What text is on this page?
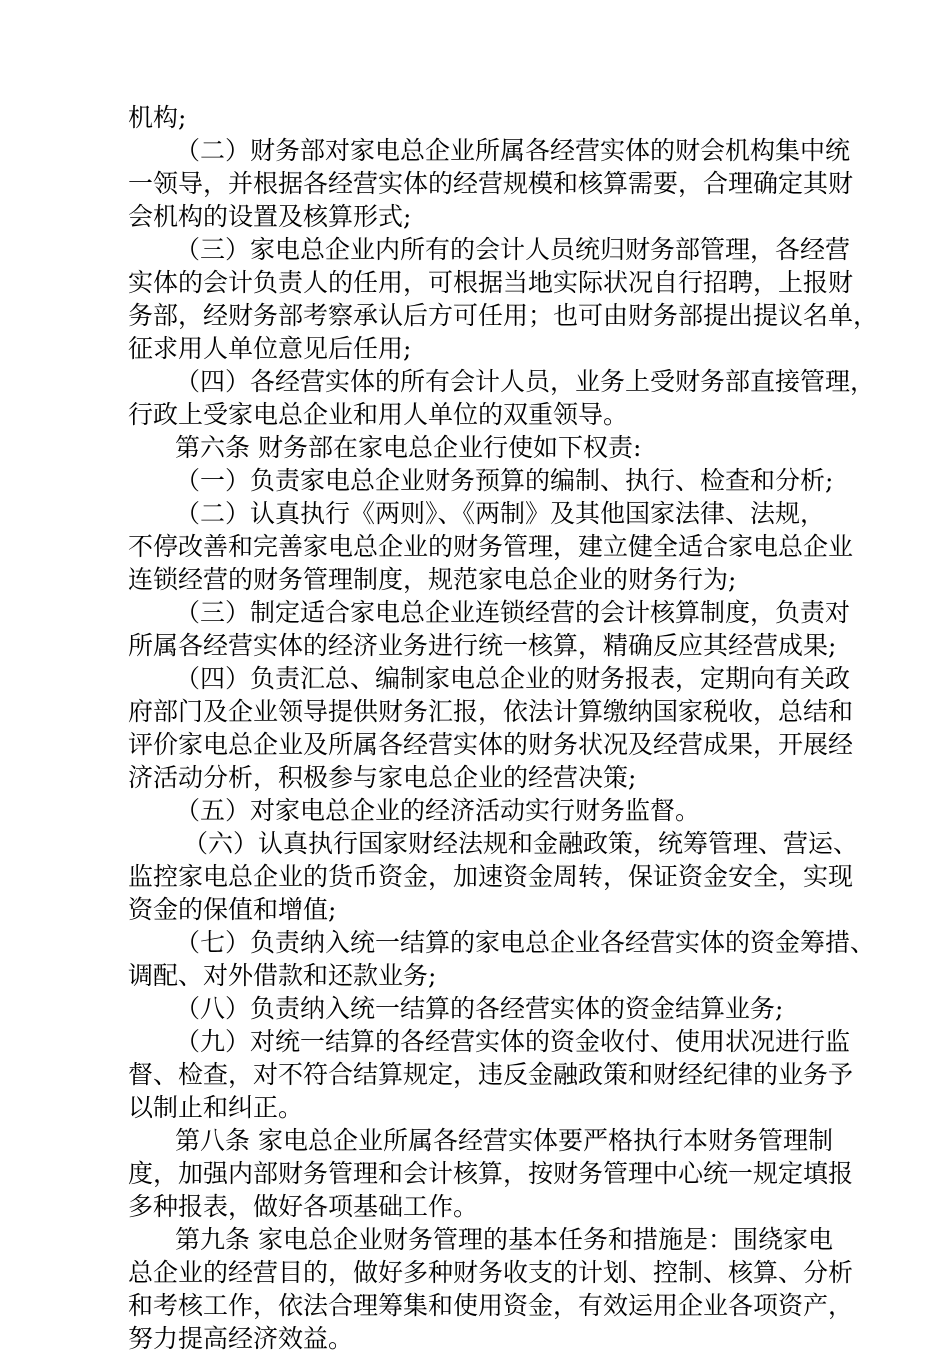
机构;
（二）财务部对家电总企业所属各经营实体的财会机构集中统
一领导，并根据各经营实体的经营规模和核算需要，合理确定其财
会机构的设置及核算形式;
（三）家电总企业内所有的会计人员统归财务部管理，各经营
实体的会计负责人的任用，可根据当地实际状况自行招聘，上报财
务部，经财务部考察承认后方可任用；也可由财务部提出提议名单，
征求用人单位意见后任用;
（四）各经营实体的所有会计人员，业务上受财务部直接管理，
行政上受家电总企业和用人单位的双重领导。
第六条 财务部在家电总企业行使如下权责:
（一）负责家电总企业财务预算的编制、执行、检查和分析;
（二）认真执行《两则》、《两制》及其他国家法律、法规，
不停改善和完善家电总企业的财务管理，建立健全适合家电总企业
连锁经营的财务管理制度，规范家电总企业的财务行为;
（三）制定适合家电总企业连锁经营的会计核算制度，负责对
所属各经营实体的经济业务进行统一核算，精确反应其经营成果;
（四）负责汇总、编制家电总企业的财务报表，定期向有关政
府部门及企业领导提供财务汇报，依法计算缴纳国家税收，总结和
评价家电总企业及所属各经营实体的财务状况及经营成果，开展经
济活动分析，积极参与家电总企业的经营决策;
（五）对家电总企业的经济活动实行财务监督。
（六）认真执行国家财经法规和金融政策，统筹管理、营运、
监控家电总企业的货币资金，加速资金周转，保证资金安全，实现
资金的保值和增值;
（七）负责纳入统一结算的家电总企业各经营实体的资金筹措、
调配、对外借款和还款业务;
（八）负责纳入统一结算的各经营实体的资金结算业务;
（九）对统一结算的各经营实体的资金收付、使用状况进行监
督、检查，对不符合结算规定，违反金融政策和财经纪律的业务予
以制止和纠正。
第八条 家电总企业所属各经营实体要严格执行本财务管理制
度，加强内部财务管理和会计核算，按财务管理中心统一规定填报
多种报表，做好各项基础工作。
第九条 家电总企业财务管理的基本任务和措施是：围绕家电
总企业的经营目的，做好多种财务收支的计划、控制、核算、分析
和考核工作，依法合理筹集和使用资金，有效运用企业各项资产，
努力提高经济效益。
